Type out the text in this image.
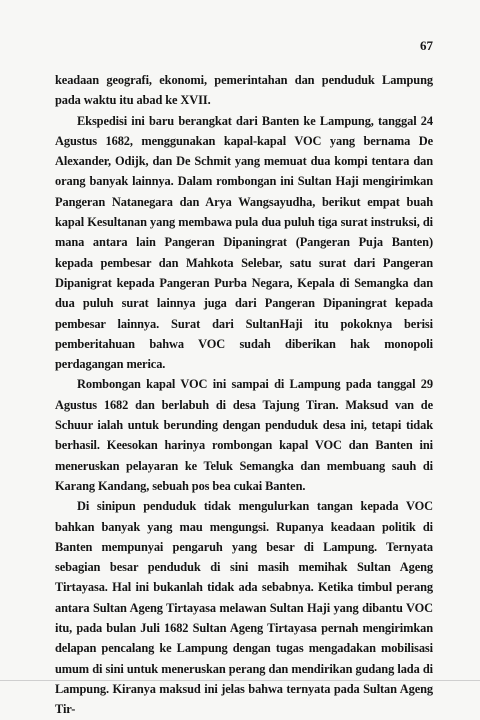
67

keadaan geografi, ekonomi, pemerintahan dan penduduk Lampung pada waktu itu abad ke XVII.

Ekspedisi ini baru berangkat dari Banten ke Lampung, tanggal 24 Agustus 1682, menggunakan kapal-kapal VOC yang bernama De Alexander, Odijk, dan De Schmit yang memuat dua kompi tentara dan orang banyak lainnya. Dalam rombongan ini Sultan Haji mengirimkan Pangeran Natanegara dan Arya Wangsayudha, berikut empat buah kapal Kesultanan yang membawa pula dua puluh tiga surat instruksi, di mana antara lain Pangeran Dipaningrat (Pangeran Puja Banten) kepada pembesar dan Mahkota Selebar, satu surat dari Pangeran Dipanigrat kepada Pangeran Purba Negara, Kepala di Semangka dan dua puluh surat lainnya juga dari Pangeran Dipaningrat kepada pembesar lainnya. Surat dari SultanHaji itu pokoknya berisi pemberitahuan bahwa VOC sudah diberikan hak monopoli perdagangan merica.

Rombongan kapal VOC ini sampai di Lampung pada tanggal 29 Agustus 1682 dan berlabuh di desa Tajung Tiran. Maksud van de Schuur ialah untuk berunding dengan penduduk desa ini, tetapi tidak berhasil. Keesokan harinya rombongan kapal VOC dan Banten ini meneruskan pelayaran ke Teluk Semangka dan membuang sauh di Karang Kandang, sebuah pos bea cukai Banten.

Di sinipun penduduk tidak mengulurkan tangan kepada VOC bahkan banyak yang mau mengungsi. Rupanya keadaan politik di Banten mempunyai pengaruh yang besar di Lampung. Ternyata sebagian besar penduduk di sini masih memihak Sultan Ageng Tirtayasa. Hal ini bukanlah tidak ada sebabnya. Ketika timbul perang antara Sultan Ageng Tirtayasa melawan Sultan Haji yang dibantu VOC itu, pada bulan Juli 1682 Sultan Ageng Tirtayasa pernah mengirimkan delapan pencalang ke Lampung dengan tugas mengadakan mobilisasi umum di sini untuk meneruskan perang dan mendirikan gudang lada di Lampung. Kiranya maksud ini jelas bahwa ternyata pada Sultan Ageng Tir-
